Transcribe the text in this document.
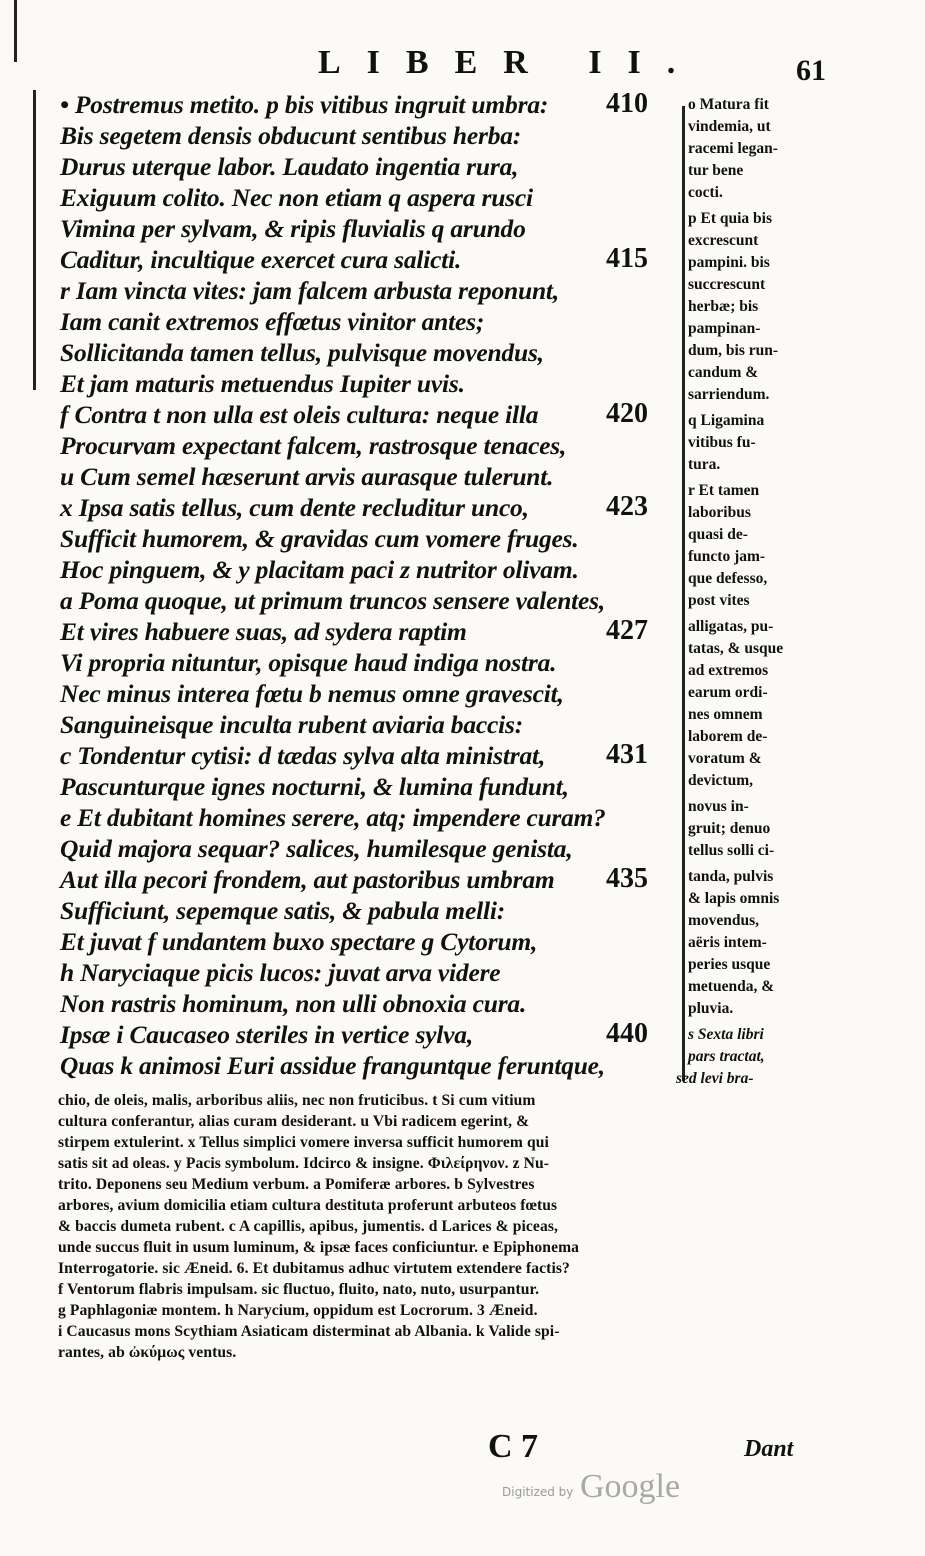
LIBER II.	61
• Postremus metito. p bis vitibus ingruit umbra:
Bis segetem densis obducunt sentibus herba:
Durus uterque labor. Laudato ingentia rura,
Exiguum colito. Nec non etiam q aspera rusci
Vimina per sylvam, & ripis fluvialis q arundo
Caditur, incultique exercet cura salicti.
r Iam vincta vites: jam falcem arbusta reponunt,
Iam canit extremos effœtus vinitor antes;
Sollicitanda tamen tellus, pulvisque movendus,
Et jam maturis metuendus Iupiter uvis.
f Contra t non ulla est oleis cultura: neque illa
Procurvam expectant falcem, rastrosque tenaces,
u Cum semel hæserunt arvis aurasque tulerunt.
x Ipsa satis tellus, cum dente recluditur unco,
Sufficit humorem, & gravidas cum vomere fruges.
Hoc pinguem, & y placitam paci z nutritor olivam.
a Poma quoque, ut primum truncos sensere valentes,
Et vires habuere suas, ad sydera raptim
Vi propria nituntur, opisque haud indiga nostra.
Nec minus interea fœtu b nemus omne gravescit,
Sanguineisque inculta rubent aviaria baccis:
c Tondentur cytisi: d tædas sylva alta ministrat,
Pascunturque ignes nocturni, & lumina fundunt,
e Et dubitant homines serere, atq; impendere curam?
Quid majora sequar? salices, humilesque genista,
Aut illa pecori frondem, aut pastoribus umbram
Sufficiunt, sepemque satis, & pabula melli:
Et juvat f undantem buxo spectare g Cytorum,
h Naryciaque picis lucos: juvat arva videre
Non rastris hominum, non ulli obnoxia cura.
Ipsæ i Caucaseo steriles in vertice sylva,
Quas k animosi Euri assidue franguntque feruntque,
410
415
420
423
427
431
435
440
o Matura fit
vindemia, ut
racemi legan-
tur bene
cocti.
p Et quia bis
excrescunt
pampini. bis
succrescunt
herbæ; bis
pampinan-
dum, bis run-
candum &
sarriendum.
q Ligamina
vitibus fu-
tura.
r Et tamen
laboribus
quasi de-
functo jam-
que defesso,
post vites
alligatas, pu-
tatas, & usque
ad extremos
earum ordi-
nes omnem
laborem de-
voratum &
devictum,
novus in-
gruit; denuo
tellus solli ci-
tanda, pulvis
& lapis omnis
movendus,
aëris intem-
peries usque
metuenda, &
pluvia.
s Sexta libri
pars tractat,
sed levi bra-
chio, de oleis, malis, arboribus aliis, nec non fruticibus. t Si cum vitium
cultura conferantur, alias curam desiderant. u Vbi radicem egerint, &
stirpem extulerint. x Tellus simplici vomere inversa sufficit humorem qui
satis sit ad oleas. y Pacis symbolum. Idcirco & insigne. Φιλείρηνον. z Nu-
trito. Deponens seu Medium verbum. a Pomiferæ arbores. b Sylvestres
arbores, avium domicilia etiam cultura destituta proferunt arbuteos fœtus
& baccis dumeta rubent. c A capillis, apibus, jumentis. d Larices & piceas,
unde succus fluit in usum luminum, & ipsæ faces conficiuntur. e Epiphonema
Interrogatorie. sic Æneid. 6. Et dubitamus adhuc virtutem extendere factis?
f Ventorum flabris impulsam. sic fluctuo, fluito, nato, nuto, usurpantur.
g Paphlagoniæ montem. h Narycium, oppidum est Locrorum. 3 Æneid.
i Caucasus mons Scythiam Asiaticam disterminat ab Albania. k Valide spi-
rantes, ab ὠκύμως ventus.
C 7	Dant
Digitized by Google
